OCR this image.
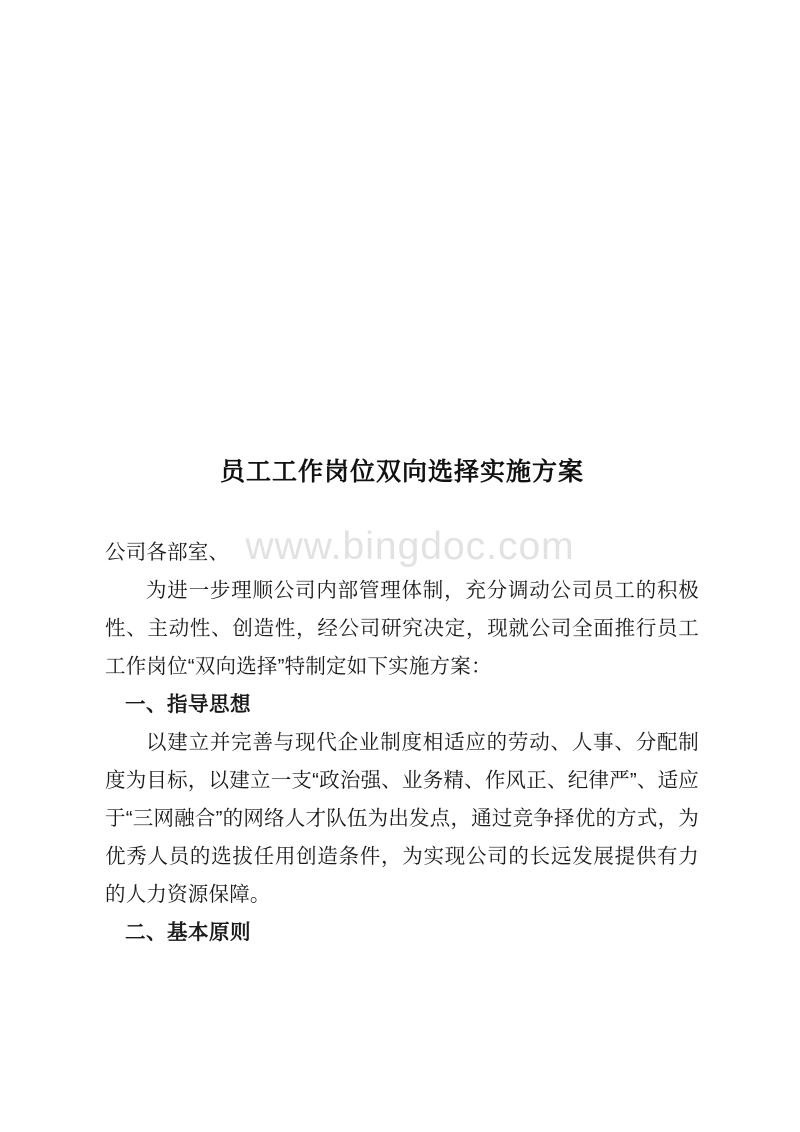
www.bingdoc.com
员工工作岗位双向选择实施方案

公司各部室、

为进一步理顺公司内部管理体制，充分调动公司员工的积极性、主动性、创造性，经公司研究决定，现就公司全面推行员工工作岗位“双向选择”特制定如下实施方案：

一、指导思想

以建立并完善与现代企业制度相适应的劳动、人事、分配制度为目标，以建立一支“政治强、业务精、作风正、纪律严”、适应于“三网融合”的网络人才队伍为出发点，通过竞争择优的方式，为优秀人员的选拔任用创造条件，为实现公司的长远发展提供有力的人力资源保障。

二、基本原则
